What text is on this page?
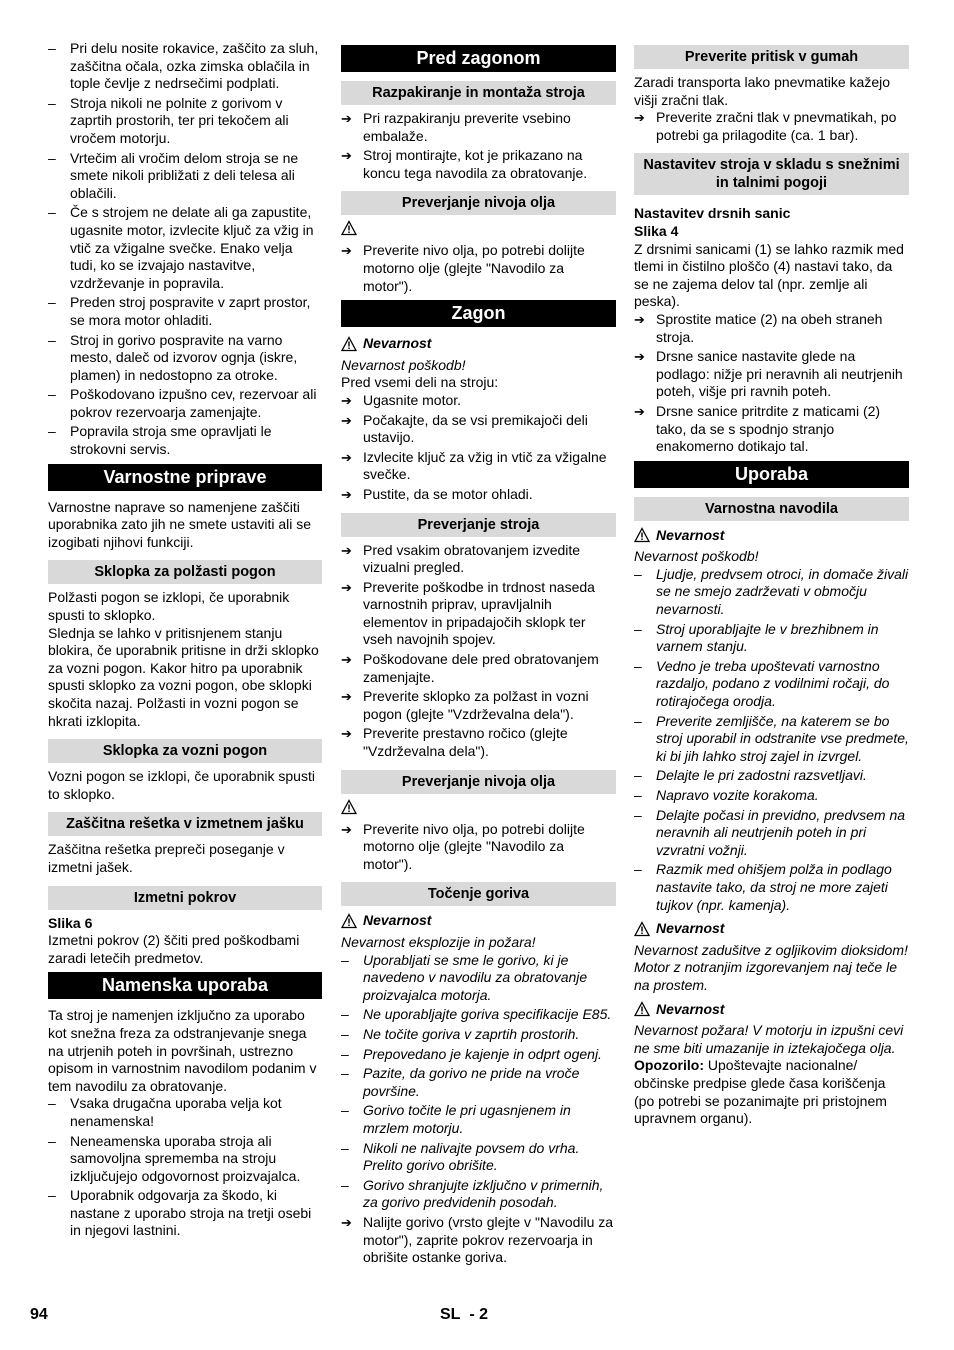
– Pri delu nosite rokavice, zaščito za sluh, zaščitna očala, ozka zimska oblačila in tople čevlje z nedrsečimi podplati.
– Stroja nikoli ne polnite z gorivom v zaprtih prostorih, ter pri tekočem ali vročem motorju.
– Vrtečim ali vročim delom stroja se ne smete nikoli približati z deli telesa ali oblačili.
– Če s strojem ne delate ali ga zapustite, ugasnite motor, izvlecite ključ za vžig in vtič za vžigalne svečke. Enako velja tudi, ko se izvajajo nastavitve, vzdrževanje in popravila.
– Preden stroj pospravite v zaprt prostor, se mora motor ohladiti.
– Stroj in gorivo pospravite na varno mesto, daleč od izvorov ognja (iskre, plamen) in nedostopno za otroke.
– Poškodovano izpušno cev, rezervoar ali pokrov rezervoarja zamenjajte.
– Popravila stroja sme opravljati le strokovni servis.
Varnostne priprave

Varnostne naprave so namenjene zaščiti uporabnika zato jih ne smete ustaviti ali se izogibati njihovi funkciji.

Sklopka za polžasti pogon

Polžasti pogon se izklopi, če uporabnik spusti to sklopko.

Slednja se lahko v pritisnjenem stanju blokira, če uporabnik pritisne in drži sklopko za vozni pogon. Kakor hitro pa uporabnik spusti sklopko za vozni pogon, obe sklopki skočita nazaj. Polžasti in vozni pogon se hkrati izklopita.

Sklopka za vozni pogon

Vozni pogon se izklopi, če uporabnik spusti to sklopko.

Zaščitna rešetka v izmetnem jašku

Zaščitna rešetka prepreči poseganje v izmetni jašek.

Izmetni pokrov

Slika 6

Izmetni pokrov (2) ščiti pred poškodbami zaradi letečih predmetov.

Namenska uporaba

Ta stroj je namenjen izključno za uporabo kot snežna freza za odstranjevanje snega na utrjenih poteh in površinah, ustrezno opisom in varnostnim navodilom podanim v tem navodilu za obratovanje.

– Vsaka drugačna uporaba velja kot nenamenska!
– Neneamenska uporaba stroja ali samovoljna sprememba na stroju izključujejo odgovornost proizvajalca.
– Uporabnik odgovarja za škodo, ki nastane z uporabo stroja na tretji osebi in njegovi lastnini.
Pred zagonom
Razpakiranje in montaža stroja
➔ Pri razpakiranju preverite vsebino embalaže.
➔ Stroj montirajte, kot je prikazano na koncu tega navodila za obratovanje.
Preverjanje nivoja olja
➔ Preverite nivo olja, po potrebi dolijte motorno olje (glejte "Navodilo za motor").
Zagon
Nevarnost

Nevarnost poškodb!

Pred vsemi deli na stroju:

➔ Ugasnite motor.
➔ Počakajte, da se vsi premikajoči deli ustavijo.
➔ Izvlecite ključ za vžig in vtič za vžigalne svečke.
➔ Pustite, da se motor ohladi.
Preverjanje stroja
➔ Pred vsakim obratovanjem izvedite vizualni pregled.
➔ Preverite poškodbe in trdnost naseda varnostnih priprav, upravljalnih elementov in pripadajočih sklopk ter vseh navojnih spojev.
➔ Poškodovane dele pred obratovanjem zamenjajte.
➔ Preverite sklopko za polžast in vozni pogon (glejte "Vzdrževalna dela").
➔ Preverite prestavno ročico (glejte "Vzdrževalna dela").
Preverjanje nivoja olja
➔ Preverite nivo olja, po potrebi dolijte motorno olje (glejte "Navodilo za motor").
Točenje goriva
Nevarnost

Nevarnost eksplozije in požara!

– Uporabljati se sme le gorivo, ki je navedeno v navodilu za obratovanje proizvajalca motorja.
– Ne uporabljajte goriva specifikacije E85.
– Ne točite goriva v zaprtih prostorih.
– Prepovedano je kajenje in odprt ogenj.
– Pazite, da gorivo ne pride na vroče površine.
– Gorivo točite le pri ugasnjenem in mrzlem motorju.
– Nikoli ne nalivajte povsem do vrha. Prelito gorivo obrišite.
– Gorivo shranjujte izključno v primernih, za gorivo predvidenih posodah.
➔ Nalijte gorivo (vrsto glejte v "Navodilu za motor"), zaprite pokrov rezervoarja in obrišite ostanke goriva.
Preverite pritisk v gumah

Zaradi transporta lako pnevmatike kažejo višji zračni tlak.

➔ Preverite zračni tlak v pnevmatikah, po potrebi ga prilagodite (ca. 1 bar).
Nastavitev stroja v skladu s snežnimi in talnimi pogoji

Nastavitev drsnih sanic

Slika 4

Z drsnimi sanicami (1) se lahko razmik med tlemi in čistilno ploščo (4) nastavi tako, da se ne zajema delov tal (npr. zemlje ali peska).

➔ Sprostite matice (2) na obeh straneh stroja.
➔ Drsne sanice nastavite glede na podlago: nižje pri neravnih ali neutrjenih poteh, višje pri ravnih poteh.
➔ Drsne sanice pritrdite z maticami (2) tako, da se s spodnjo stranjo enakomerno dotikajo tal.
Uporaba
Varnostna navodila
Nevarnost

Nevarnost poškodb!

– Ljudje, predvsem otroci, in domače živali se ne smejo zadrževati v območju nevarnosti.
– Stroj uporabljajte le v brezhibnem in varnem stanju.
– Vedno je treba upoštevati varnostno razdaljo, podano z vodilnimi ročaji, do rotirajočega orodja.
– Preverite zemljišče, na katerem se bo stroj uporabil in odstranite vse predmete, ki bi jih lahko stroj zajel in izvrgel.
– Delajte le pri zadostni razsvetljavi.
– Napravo vozite korakoma.
– Delajte počasi in previdno, predvsem na neravnih ali neutrjenih poteh in pri vzvratni vožnji.
– Razmik med ohišjem polža in podlago nastavite tako, da stroj ne more zajeti tujkov (npr. kamenja).
Nevarnost

Nevarnost zadušitve z ogljikovim dioksidom! Motor z notranjim izgorevanjem naj teče le na prostem.

Nevarnost

Nevarnost požara! V motorju in izpušni cevi ne sme biti umazanije in iztekajočega olja.

Opozorilo: Upoštevajte nacionalne/ občinske predpise glede časa koriščenja (po potrebi se pozanimajte pri pristojnem upravnem organu).

94	SL - 2
